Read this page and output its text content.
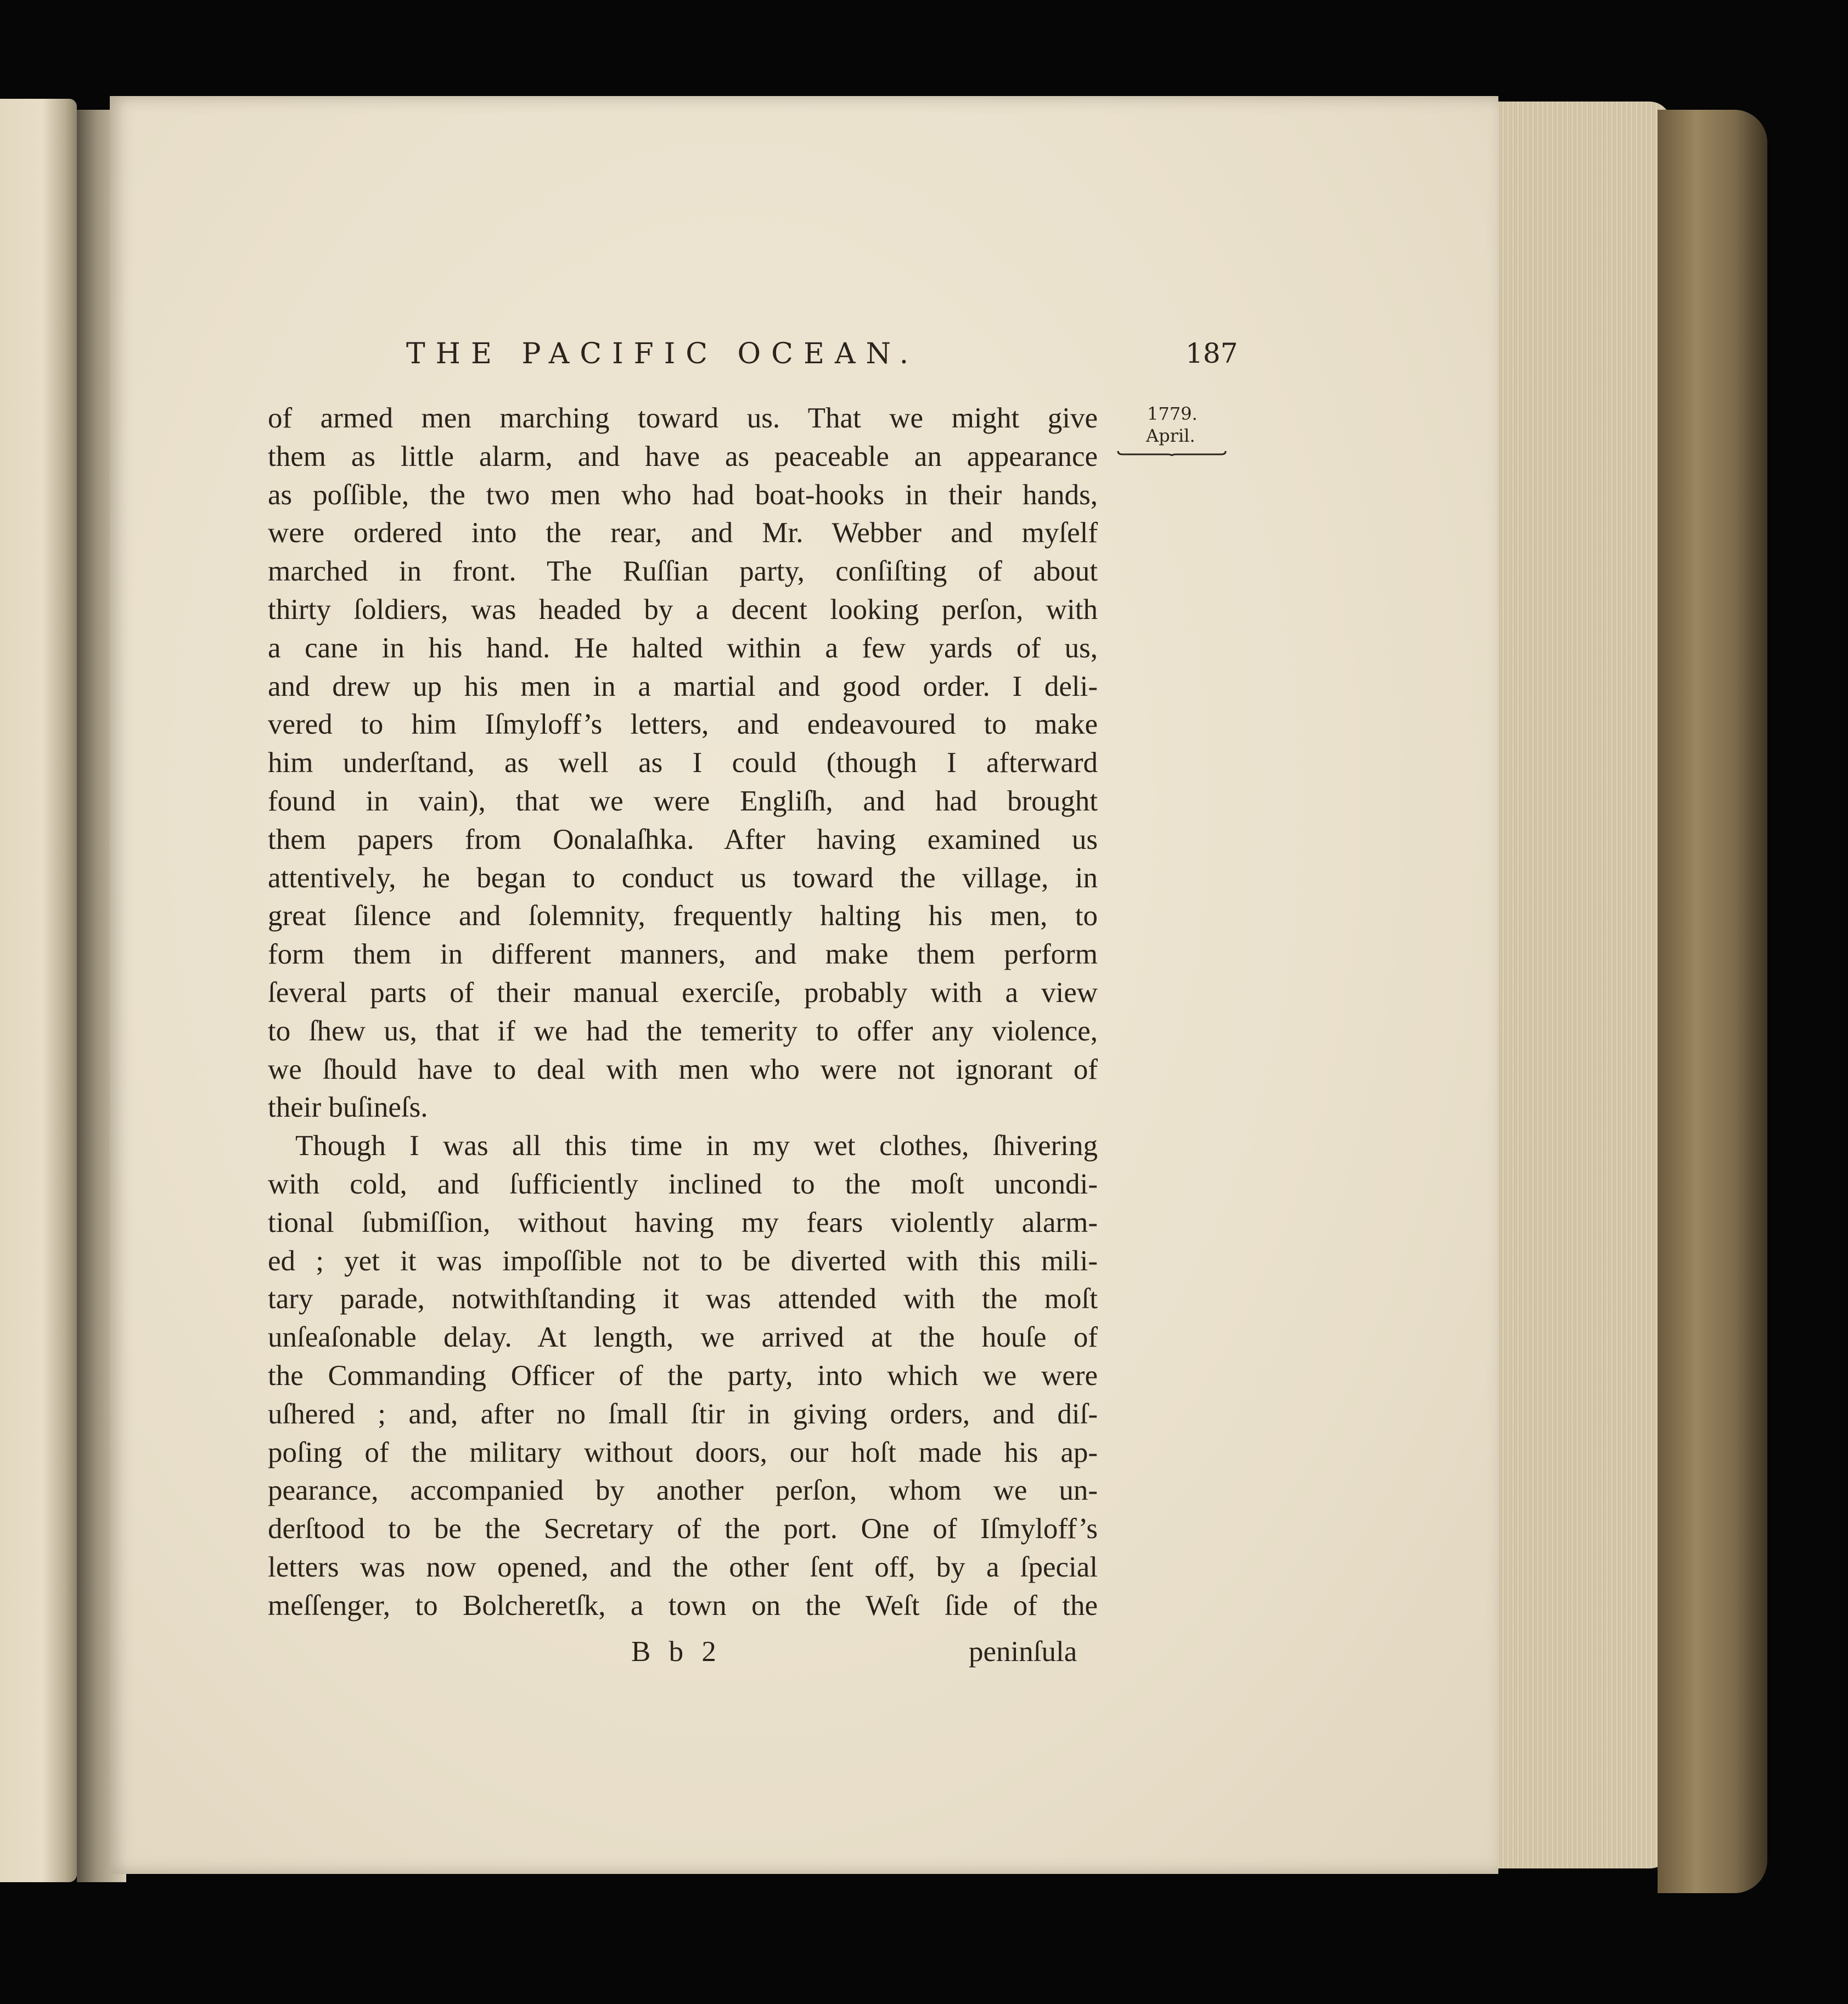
THE PACIFIC OCEAN.	187
1779.
April.
of armed men marching toward us. That we might give
them as little alarm, and have as peaceable an appearance
as poſſible, the two men who had boat-hooks in their hands,
were ordered into the rear, and Mr. Webber and myſelf
marched in front. The Ruſſian party, conſiſting of about
thirty ſoldiers, was headed by a decent looking perſon, with
a cane in his hand. He halted within a few yards of us,
and drew up his men in a martial and good order. I deli-
vered to him Iſmyloff’s letters, and endeavoured to make
him underſtand, as well as I could (though I afterward
found in vain), that we were Engliſh, and had brought
them papers from Oonalaſhka. After having examined us
attentively, he began to conduct us toward the village, in
great ſilence and ſolemnity, frequently halting his men, to
form them in different manners, and make them perform
ſeveral parts of their manual exerciſe, probably with a view
to ſhew us, that if we had the temerity to offer any violence,
we ſhould have to deal with men who were not ignorant of
their buſineſs.
Though I was all this time in my wet clothes, ſhivering
with cold, and ſufficiently inclined to the moſt uncondi-
tional ſubmiſſion, without having my fears violently alarm-
ed ; yet it was impoſſible not to be diverted with this mili-
tary parade, notwithſtanding it was attended with the moſt
unſeaſonable delay. At length, we arrived at the houſe of
the Commanding Officer of the party, into which we were
uſhered ; and, after no ſmall ſtir in giving orders, and diſ-
poſing of the military without doors, our hoſt made his ap-
pearance, accompanied by another perſon, whom we un-
derſtood to be the Secretary of the port. One of Iſmyloff’s
letters was now opened, and the other ſent off, by a ſpecial
meſſenger, to Bolcheretſk, a town on the Weſt ſide of the
B b 2	peninſula
